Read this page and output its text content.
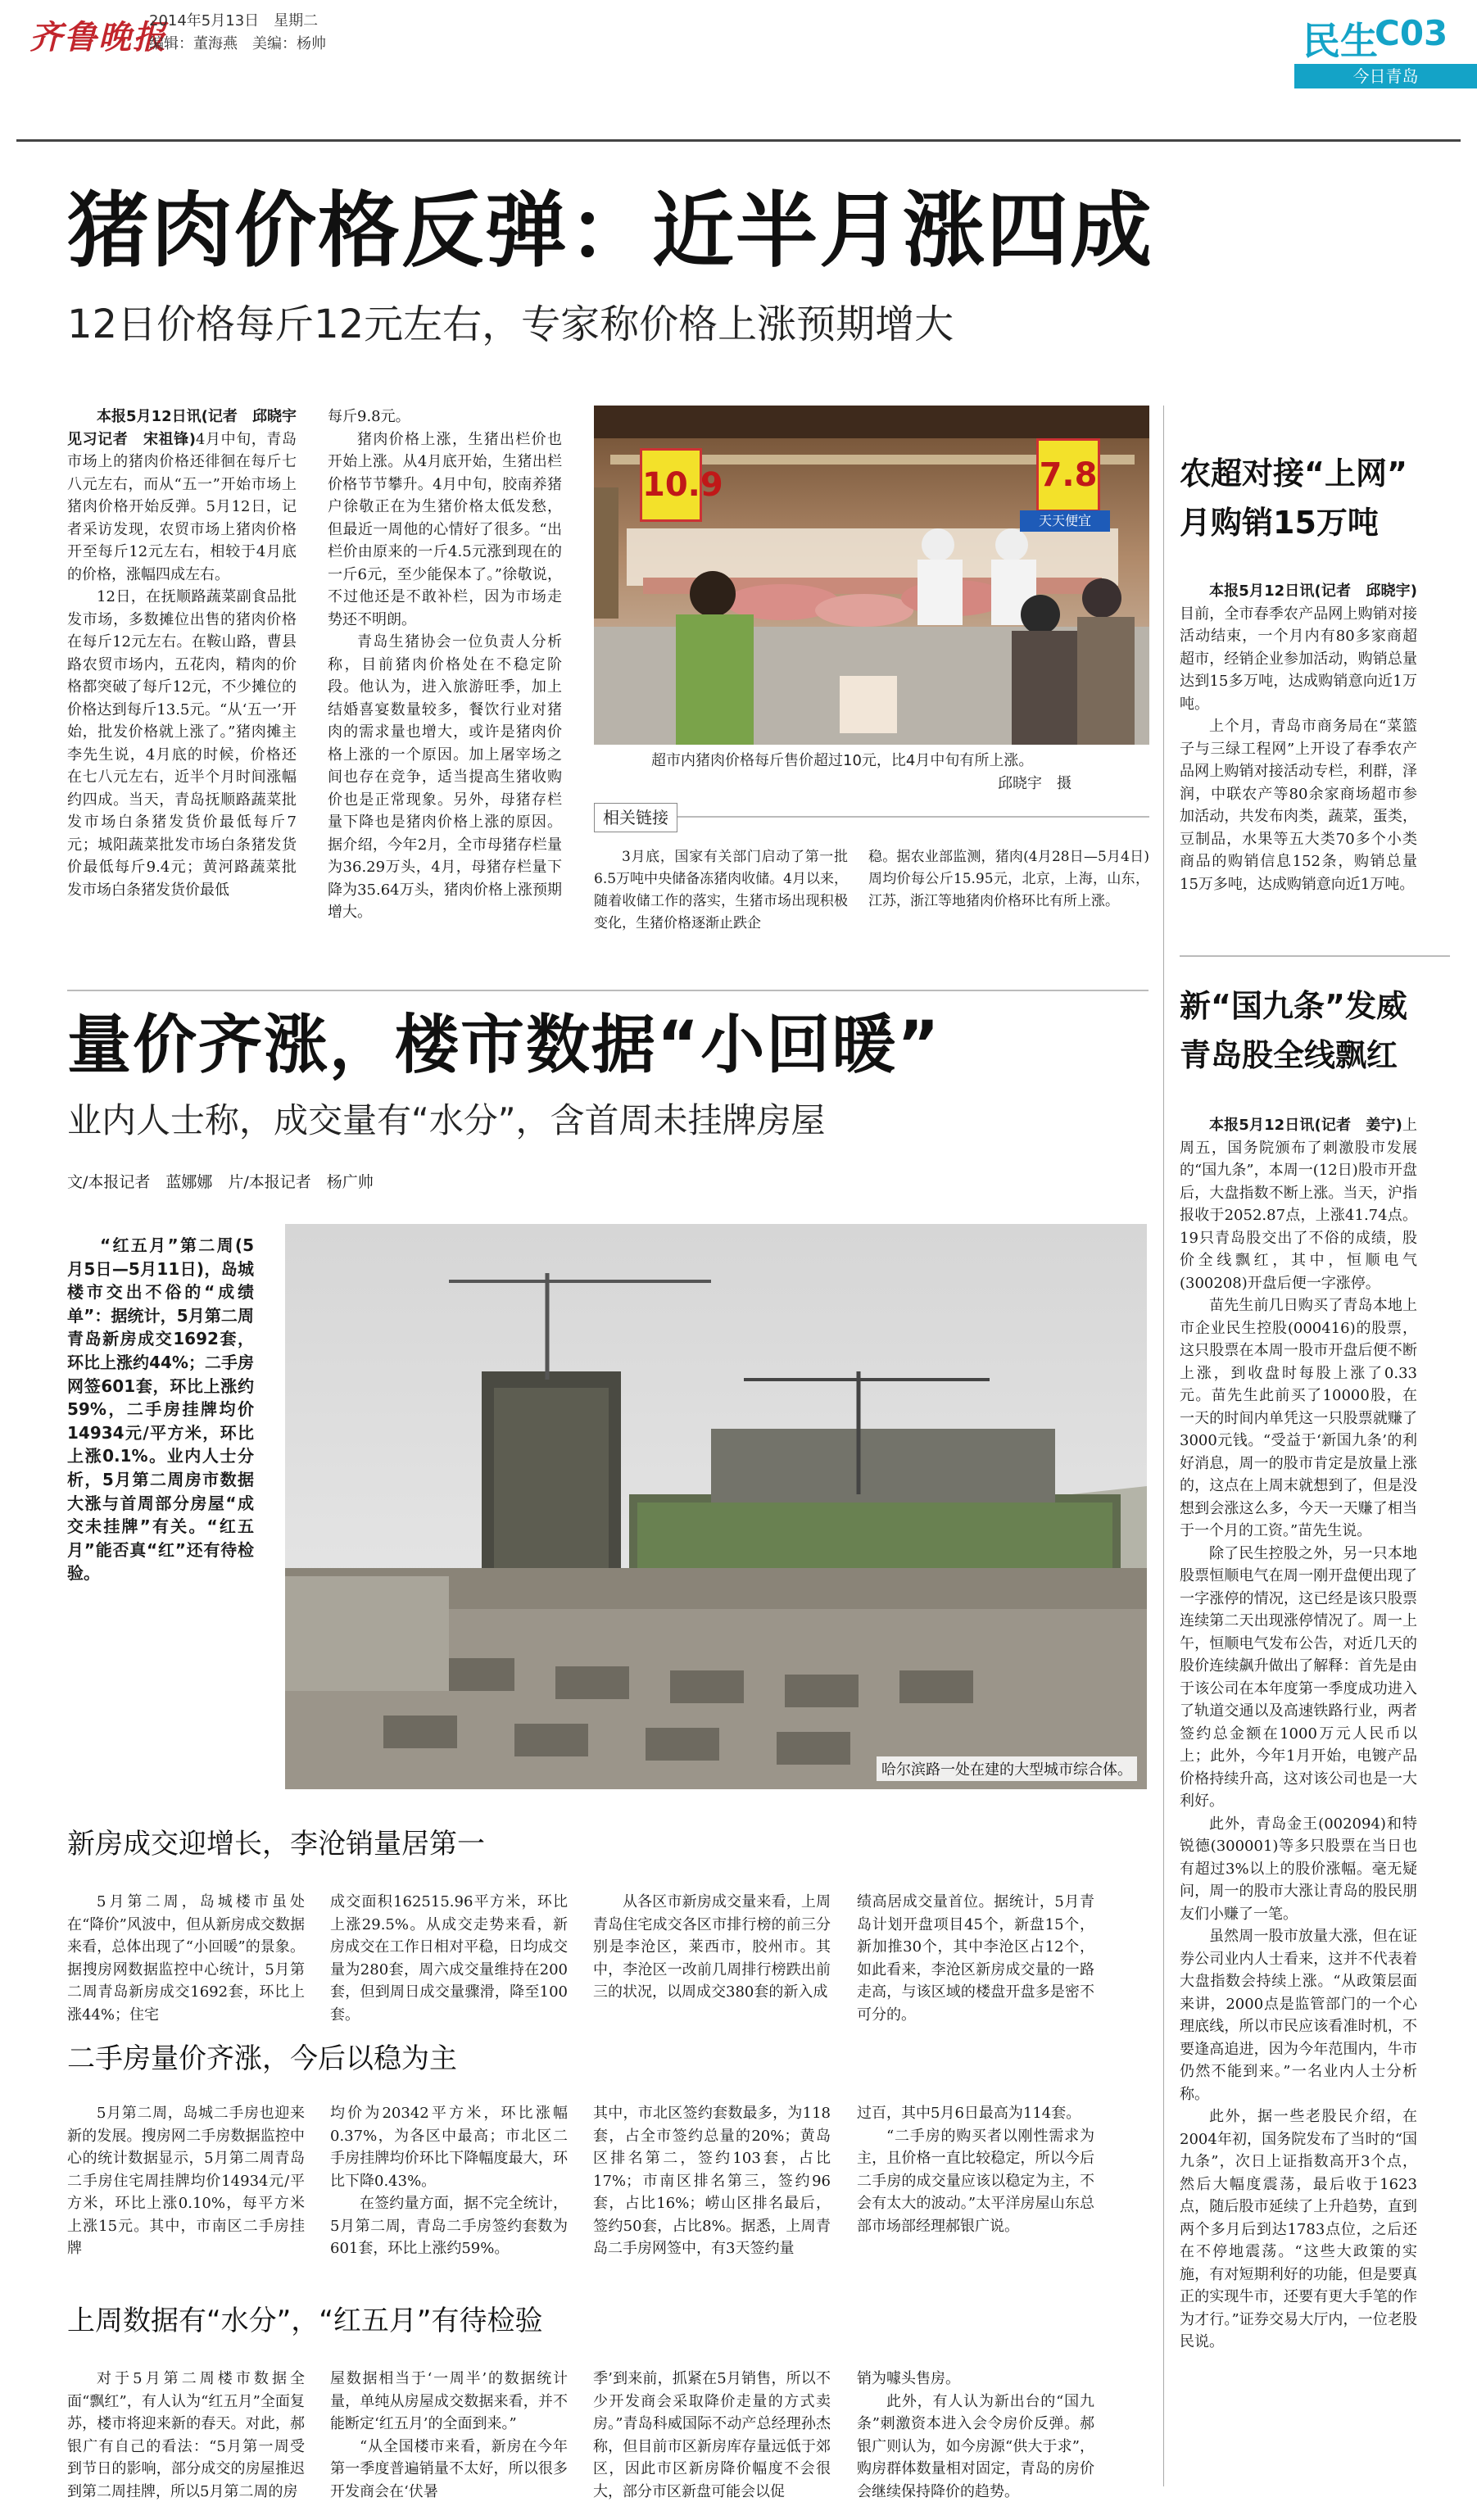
齐鲁晚报
2014年5月13日　星期二
编辑：董海燕　美编：杨帅	民生
C03
今日青岛
猪肉价格反弹：近半月涨四成
12日价格每斤12元左右，专家称价格上涨预期增大

本报5月12日讯(记者　邱晓宇　见习记者　宋祖锋)4月中旬，青岛市场上的猪肉价格还徘徊在每斤七八元左右，而从“五一”开始市场上猪肉价格开始反弹。5月12日，记者采访发现，农贸市场上猪肉价格开至每斤12元左右，相较于4月底的价格，涨幅四成左右。

12日，在抚顺路蔬菜副食品批发市场，多数摊位出售的猪肉价格在每斤12元左右。在鞍山路，曹县路农贸市场内，五花肉，精肉的价格都突破了每斤12元，不少摊位的价格达到每斤13.5元。“从‘五一’开始，批发价格就上涨了。”猪肉摊主李先生说，4月底的时候，价格还在七八元左右，近半个月时间涨幅约四成。当天，青岛抚顺路蔬菜批发市场白条猪发货价最低每斤7元；城阳蔬菜批发市场白条猪发货价最低每斤9.4元；黄河路蔬菜批发市场白条猪发货价最低

每斤9.8元。

猪肉价格上涨，生猪出栏价也开始上涨。从4月底开始，生猪出栏价格节节攀升。4月中旬，胶南养猪户徐敬正在为生猪价格太低发愁，但最近一周他的心情好了很多。“出栏价由原来的一斤4.5元涨到现在的一斤6元，至少能保本了。”徐敬说，不过他还是不敢补栏，因为市场走势还不明朗。

青岛生猪协会一位负责人分析称，目前猪肉价格处在不稳定阶段。他认为，进入旅游旺季，加上结婚喜宴数量较多，餐饮行业对猪肉的需求量也增大，或许是猪肉价格上涨的一个原因。加上屠宰场之间也存在竞争，适当提高生猪收购价也是正常现象。另外，母猪存栏量下降也是猪肉价格上涨的原因。据介绍，今年2月，全市母猪存栏量为36.29万头，4月，母猪存栏量下降为35.64万头，猪肉价格上涨预期增大。

10.9	7.8
天天便宜
超市内猪肉价格每斤售价超过10元，比4月中旬有所上涨。
邱晓宇　摄
相关链接

3月底，国家有关部门启动了第一批6.5万吨中央储备冻猪肉收储。4月以来，随着收储工作的落实，生猪市场出现积极变化，生猪价格逐渐止跌企

稳。据农业部监测，猪肉(4月28日—5月4日)周均价每公斤15.95元，北京，上海，山东，江苏，浙江等地猪肉价格环比有所上涨。

农超对接“上网”
月购销15万吨

本报5月12日讯(记者　邱晓宇)目前，全市春季农产品网上购销对接活动结束，一个月内有80多家商超超市，经销企业参加活动，购销总量达到15多万吨，达成购销意向近1万吨。

上个月，青岛市商务局在“菜篮子与三绿工程网”上开设了春季农产品网上购销对接活动专栏，利群，泽润，中联农产等80余家商场超市参加活动，共发布肉类，蔬菜，蛋类，豆制品，水果等五大类70多个小类商品的购销信息152条，购销总量15万多吨，达成购销意向近1万吨。

新“国九条”发威
青岛股全线飘红

本报5月12日讯(记者　姜宁)上周五，国务院颁布了刺激股市发展的“国九条”，本周一(12日)股市开盘后，大盘指数不断上涨。当天，沪指报收于2052.87点，上涨41.74点。19只青岛股交出了不俗的成绩，股价全线飘红，其中，恒顺电气(300208)开盘后便一字涨停。

苗先生前几日购买了青岛本地上市企业民生控股(000416)的股票，这只股票在本周一股市开盘后便不断上涨，到收盘时每股上涨了0.33元。苗先生此前买了10000股，在一天的时间内单凭这一只股票就赚了3000元钱。“受益于‘新国九条’的利好消息，周一的股市肯定是放量上涨的，这点在上周末就想到了，但是没想到会涨这么多，今天一天赚了相当于一个月的工资。”苗先生说。

除了民生控股之外，另一只本地股票恒顺电气在周一刚开盘便出现了一字涨停的情况，这已经是该只股票连续第二天出现涨停情况了。周一上午，恒顺电气发布公告，对近几天的股价连续飙升做出了解释：首先是由于该公司在本年度第一季度成功进入了轨道交通以及高速铁路行业，两者签约总金额在1000万元人民币以上；此外，今年1月开始，电镀产品价格持续升高，这对该公司也是一大利好。

此外，青岛金王(002094)和特锐德(300001)等多只股票在当日也有超过3%以上的股价涨幅。毫无疑问，周一的股市大涨让青岛的股民朋友们小赚了一笔。

虽然周一股市放量大涨，但在证券公司业内人士看来，这并不代表着大盘指数会持续上涨。“从政策层面来讲，2000点是监管部门的一个心理底线，所以市民应该看准时机，不要逢高追进，因为今年范围内，牛市仍然不能到来。”一名业内人士分析称。

此外，据一些老股民介绍，在2004年初，国务院发布了当时的“国九条”，次日上证指数高开3个点，然后大幅度震荡，最后收于1623点，随后股市延续了上升趋势，直到两个多月后到达1783点位，之后还在不停地震荡。“这些大政策的实施，有对短期利好的功能，但是要真正的实现牛市，还要有更大手笔的作为才行。”证券交易大厅内，一位老股民说。

量价齐涨，楼市数据“小回暖”
业内人士称，成交量有“水分”，含首周未挂牌房屋
文/本报记者　蓝娜娜　片/本报记者　杨广帅

“红五月”第二周(5月5日—5月11日)，岛城楼市交出不俗的“成绩单”：据统计，5月第二周青岛新房成交1692套，环比上涨约44%；二手房网签601套，环比上涨约59%，二手房挂牌均价14934元/平方米，环比上涨0.1%。业内人士分析，5月第二周房市数据大涨与首周部分房屋“成交未挂牌”有关。“红五月”能否真“红”还有待检验。

哈尔滨路一处在建的大型城市综合体。
新房成交迎增长，李沧销量居第一

5月第二周，岛城楼市虽处在“降价”风波中，但从新房成交数据来看，总体出现了“小回暖”的景象。据搜房网数据监控中心统计，5月第二周青岛新房成交1692套，环比上涨44%；住宅

成交面积162515.96平方米，环比上涨29.5%。从成交走势来看，新房成交在工作日相对平稳，日均成交量为280套，周六成交量维持在200套，但到周日成交量骤滑，降至100套。

从各区市新房成交量来看，上周青岛住宅成交各区市排行榜的前三分别是李沧区，莱西市，胶州市。其中，李沧区一改前几周排行榜跌出前三的状况，以周成交380套的新入成

绩高居成交量首位。据统计，5月青岛计划开盘项目45个，新盘15个，新加推30个，其中李沧区占12个，如此看来，李沧区新房成交量的一路走高，与该区域的楼盘开盘多是密不可分的。

二手房量价齐涨，今后以稳为主

5月第二周，岛城二手房也迎来新的发展。搜房网二手房数据监控中心的统计数据显示，5月第二周青岛二手房住宅周挂牌均价14934元/平方米，环比上涨0.10%，每平方米上涨15元。其中，市南区二手房挂牌

均价为20342平方米，环比涨幅0.37%，为各区中最高；市北区二手房挂牌均价环比下降幅度最大，环比下降0.43%。

在签约量方面，据不完全统计，5月第二周，青岛二手房签约套数为601套，环比上涨约59%。

其中，市北区签约套数最多，为118套，占全市签约总量的20%；黄岛区排名第二，签约103套，占比17%；市南区排名第三，签约96套，占比16%；崂山区排名最后，签约50套，占比8%。据悉，上周青岛二手房网签中，有3天签约量

过百，其中5月6日最高为114套。

“二手房的购买者以刚性需求为主，且价格一直比较稳定，所以今后二手房的成交量应该以稳定为主，不会有太大的波动。”太平洋房屋山东总部市场部经理郝银广说。

上周数据有“水分”，“红五月”有待检验

对于5月第二周楼市数据全面“飘红”，有人认为“红五月”全面复苏，楼市将迎来新的春天。对此，郝银广有自己的看法：“5月第一周受到节日的影响，部分成交的房屋推迟到第二周挂牌，所以5月第二周的房

屋数据相当于‘一周半’的数据统计量，单纯从房屋成交数据来看，并不能断定‘红五月’的全面到来。”

“从全国楼市来看，新房在今年第一季度普遍销量不太好，所以很多开发商会在‘伏暑

季’到来前，抓紧在5月销售，所以不少开发商会采取降价走量的方式卖房。”青岛科威国际不动产总经理孙杰称，但目前市区新房库存量远低于郊区，因此市区新房降价幅度不会很大，部分市区新盘可能会以促

销为噱头售房。

此外，有人认为新出台的“国九条”刺激资本进入会令房价反弹。郝银广则认为，如今房源“供大于求”，购房群体数量相对固定，青岛的房价会继续保持降价的趋势。
